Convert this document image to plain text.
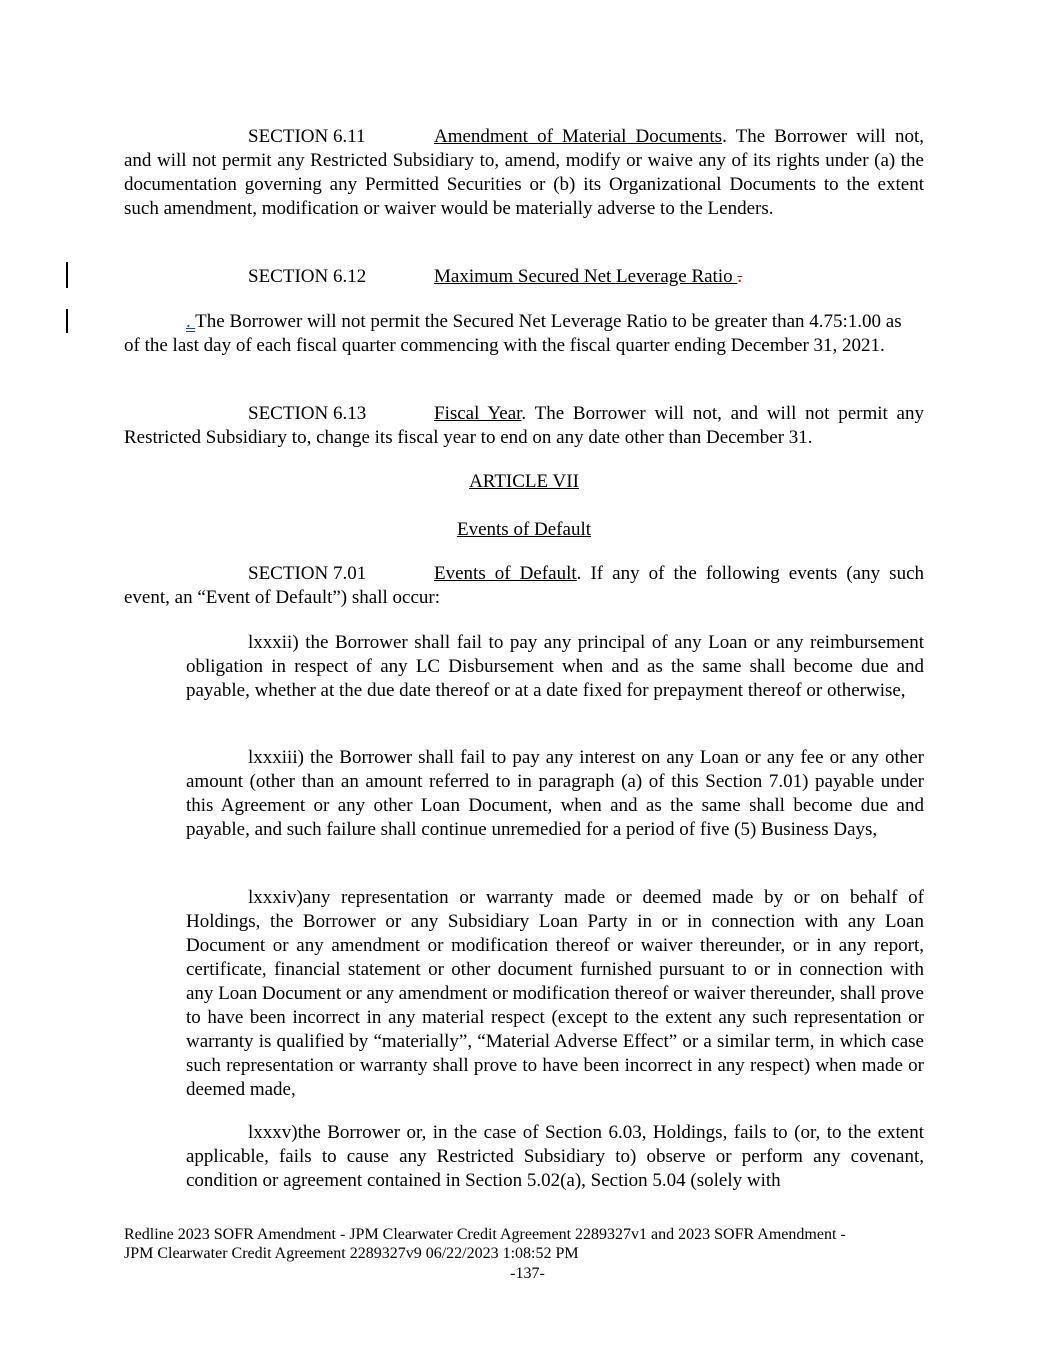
SECTION 6.11	Amendment of Material Documents. The Borrower will not, and will not permit any Restricted Subsidiary to, amend, modify or waive any of its rights under (a) the documentation governing any Permitted Securities or (b) its Organizational Documents to the extent such amendment, modification or waiver would be materially adverse to the Lenders.
SECTION 6.12	Maximum Secured Net Leverage Ratio .
. The Borrower will not permit the Secured Net Leverage Ratio to be greater than 4.75:1.00 as of the last day of each fiscal quarter commencing with the fiscal quarter ending December 31, 2021.
SECTION 6.13	Fiscal Year. The Borrower will not, and will not permit any Restricted Subsidiary to, change its fiscal year to end on any date other than December 31.
ARTICLE VII
Events of Default
SECTION 7.01	Events of Default. If any of the following events (any such event, an “Event of Default”) shall occur:
lxxxii) the Borrower shall fail to pay any principal of any Loan or any reimbursement obligation in respect of any LC Disbursement when and as the same shall become due and payable, whether at the due date thereof or at a date fixed for prepayment thereof or otherwise,
lxxxiii) the Borrower shall fail to pay any interest on any Loan or any fee or any other amount (other than an amount referred to in paragraph (a) of this Section 7.01) payable under this Agreement or any other Loan Document, when and as the same shall become due and payable, and such failure shall continue unremedied for a period of five (5) Business Days,
lxxxiv)any representation or warranty made or deemed made by or on behalf of Holdings, the Borrower or any Subsidiary Loan Party in or in connection with any Loan Document or any amendment or modification thereof or waiver thereunder, or in any report, certificate, financial statement or other document furnished pursuant to or in connection with any Loan Document or any amendment or modification thereof or waiver thereunder, shall prove to have been incorrect in any material respect (except to the extent any such representation or warranty is qualified by “materially”, “Material Adverse Effect” or a similar term, in which case such representation or warranty shall prove to have been incorrect in any respect) when made or deemed made,
lxxxv)the Borrower or, in the case of Section 6.03, Holdings, fails to (or, to the extent applicable, fails to cause any Restricted Subsidiary to) observe or perform any covenant, condition or agreement contained in Section 5.02(a), Section 5.04 (solely with
Redline 2023 SOFR Amendment - JPM Clearwater Credit Agreement 2289327v1 and 2023 SOFR Amendment -
JPM Clearwater Credit Agreement 2289327v9 06/22/2023 1:08:52 PM
-137-
